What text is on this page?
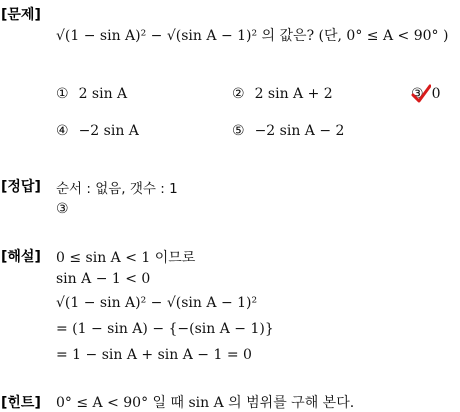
[문제]
√(1 − sin A)² − √(sin A − 1)² 의 값은? (단, 0° ≤ A < 90° )
① 2 sin A	② 2 sin A + 2	③ 0
④ −2 sin A	⑤ −2 sin A − 2
[정답] 순서 : 없음, 갯수 : 1
③
[해설] 0 ≤ sin A < 1 이므로
sin A − 1 < 0
√(1 − sin A)² − √(sin A − 1)²
= (1 − sin A) − {−(sin A − 1)}
= 1 − sin A + sin A − 1 = 0
[힌트] 0° ≤ A < 90° 일 때 sin A 의 범위를 구해 본다.
